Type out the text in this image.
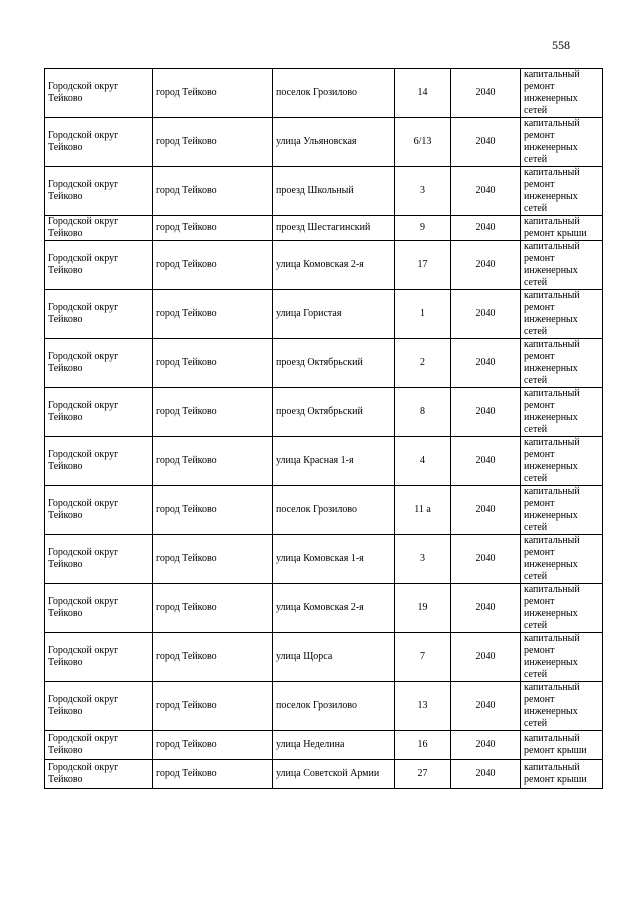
558
Городской округ Тейково	город Тейково	поселок Грозилово	14	2040	капитальный ремонт инженерных сетей
Городской округ Тейково	город Тейково	улица Ульяновская	6/13	2040	капитальный ремонт инженерных сетей
Городской округ Тейково	город Тейково	проезд Школьный	3	2040	капитальный ремонт инженерных сетей
Городской округ Тейково	город Тейково	проезд Шестагинский	9	2040	капитальный ремонт крыши
Городской округ Тейково	город Тейково	улица Комовская 2-я	17	2040	капитальный ремонт инженерных сетей
Городской округ Тейково	город Тейково	улица Гористая	1	2040	капитальный ремонт инженерных сетей
Городской округ Тейково	город Тейково	проезд Октябрьский	2	2040	капитальный ремонт инженерных сетей
Городской округ Тейково	город Тейково	проезд Октябрьский	8	2040	капитальный ремонт инженерных сетей
Городской округ Тейково	город Тейково	улица Красная 1-я	4	2040	капитальный ремонт инженерных сетей
Городской округ Тейково	город Тейково	поселок Грозилово	11 а	2040	капитальный ремонт инженерных сетей
Городской округ Тейково	город Тейково	улица Комовская 1-я	3	2040	капитальный ремонт инженерных сетей
Городской округ Тейково	город Тейково	улица Комовская 2-я	19	2040	капитальный ремонт инженерных сетей
Городской округ Тейково	город Тейково	улица Щорса	7	2040	капитальный ремонт инженерных сетей
Городской округ Тейково	город Тейково	поселок Грозилово	13	2040	капитальный ремонт инженерных сетей
Городской округ Тейково	город Тейково	улица Неделина	16	2040	капитальный ремонт крыши
Городской округ Тейково	город Тейково	улица Советской Армии	27	2040	капитальный ремонт крыши
